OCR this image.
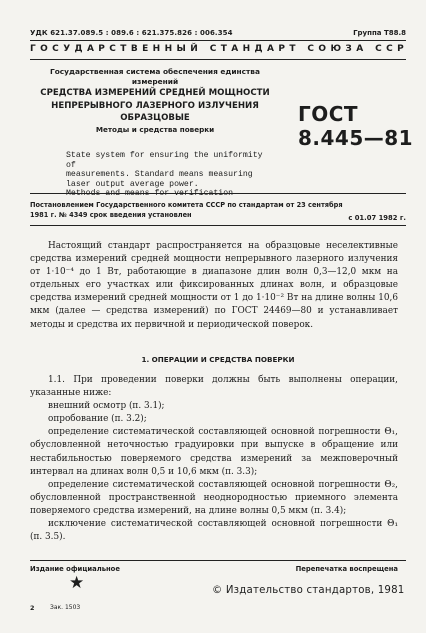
УДК 621.37.089.5 : 089.6 : 621.375.826 : 006.354	Группа Т88.8
ГОСУДАРСТВЕННЫЙ СТАНДАРТ СОЮЗА ССР
Государственная система обеспечения единства
измерений
СРЕДСТВА ИЗМЕРЕНИЙ СРЕДНЕЙ МОЩНОСТИ
НЕПРЕРЫВНОГО ЛАЗЕРНОГО ИЗЛУЧЕНИЯ
ОБРАЗЦОВЫЕ
Методы и средства поверки
State system for ensuring the uniformity of
measurements. Standard means measuring
laser output average power.
Methods and means for verification
ГОСТ
8.445—81
Постановлением Государственного комитета СССР по стандартам от 23 сентября
1981 г. № 4349 срок введения установлен	с 01.07 1982 г.

Настоящий стандарт распространяется на образцовые неселективные средства измерений средней мощности непрерывного лазерного излучения от 1·10⁻⁴ до 1 Вт, работающие в диапазоне длин волн 0,3—12,0 мкм на отдельных его участках или фиксированных длинах волн, и образцовые средства измерений средней мощности от 1 до 1·10⁻² Вт на длине волны 10,6 мкм (далее — средства измерений) по ГОСТ 24469—80 и устанавливает методы и средства их первичной и периодической поверок.

1. ОПЕРАЦИИ И СРЕДСТВА ПОВЕРКИ

1.1. При проведении поверки должны быть выполнены операции, указанные ниже:

внешний осмотр (п. 3.1);

опробование (п. 3.2);

определение систематической составляющей основной погрешности Θ₁, обусловленной неточностью градуировки при выпуске в обращение или нестабильностью поверяемого средства измерений за межповерочный интервал на длинах волн 0,5 и 10,6 мкм (п. 3.3);

определение систематической составляющей основной погрешности Θ₂, обусловленной пространственной неоднородностью приемного элемента поверяемого средства измерений, на длине волны 0,5 мкм (п. 3.4);

исключение систематической составляющей основной погрешности Θ₁ (п. 3.5).

Издание официальное	Перепечатка воспрещена
★	© Издательство стандартов, 1981
2	Зак. 1503
